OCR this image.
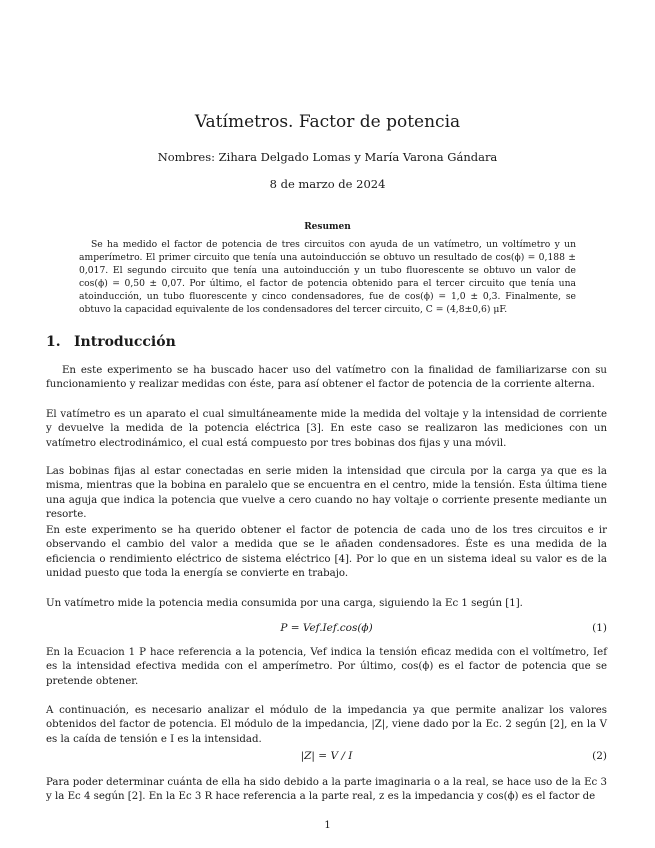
Vatímetros. Factor de potencia
Nombres: Zihara Delgado Lomas y María Varona Gándara
8 de marzo de 2024
Resumen

Se ha medido el factor de potencia de tres circuitos con ayuda de un vatímetro, un voltímetro y un amperímetro. El primer circuito que tenía una autoinducción se obtuvo un resultado de cos(ϕ) = 0,188 ± 0,017. El segundo circuito que tenía una autoinducción y un tubo fluorescente se obtuvo un valor de cos(ϕ) = 0,50 ± 0,07. Por último, el factor de potencia obtenido para el tercer circuito que tenía una atoinducción, un tubo fluorescente y cinco condensadores, fue de cos(ϕ) = 1,0 ± 0,3. Finalmente, se obtuvo la capacidad equivalente de los condensadores del tercer circuito, C = (4,8±0,6) μF.

1. Introducción

En este experimento se ha buscado hacer uso del vatímetro con la finalidad de familiarizarse con su funcionamiento y realizar medidas con éste, para así obtener el factor de potencia de la corriente alterna.

El vatímetro es un aparato el cual simultáneamente mide la medida del voltaje y la intensidad de corriente y devuelve la medida de la potencia eléctrica [3]. En este caso se realizaron las mediciones con un vatímetro electrodinámico, el cual está compuesto por tres bobinas dos fijas y una móvil.

Las bobinas fijas al estar conectadas en serie miden la intensidad que circula por la carga ya que es la misma, mientras que la bobina en paralelo que se encuentra en el centro, mide la tensión. Esta última tiene una aguja que indica la potencia que vuelve a cero cuando no hay voltaje o corriente presente mediante un resorte.

En este experimento se ha querido obtener el factor de potencia de cada uno de los tres circuitos e ir observando el cambio del valor a medida que se le añaden condensadores. Éste es una medida de la eficiencia o rendimiento eléctrico de sistema eléctrico [4]. Por lo que en un sistema ideal su valor es de la unidad puesto que toda la energía se convierte en trabajo.

Un vatímetro mide la potencia media consumida por una carga, siguiendo la Ec 1 según [1].

P = Vef.Ief.cos(ϕ)	(1)

En la Ecuacion 1 P hace referencia a la potencia, Vef indica la tensión eficaz medida con el voltímetro, Ief es la intensidad efectiva medida con el amperímetro. Por último, cos(ϕ) es el factor de potencia que se pretende obtener.

A continuación, es necesario analizar el módulo de la impedancia ya que permite analizar los valores obtenidos del factor de potencia. El módulo de la impedancia, |Z|, viene dado por la Ec. 2 según [2], en la V es la caída de tensión e I es la intensidad.

|Z| = V / I	(2)

Para poder determinar cuánta de ella ha sido debido a la parte imaginaria o a la real, se hace uso de la Ec 3 y la Ec 4 según [2]. En la Ec 3 R hace referencia a la parte real, z es la impedancia y cos(ϕ) es el factor de

1
